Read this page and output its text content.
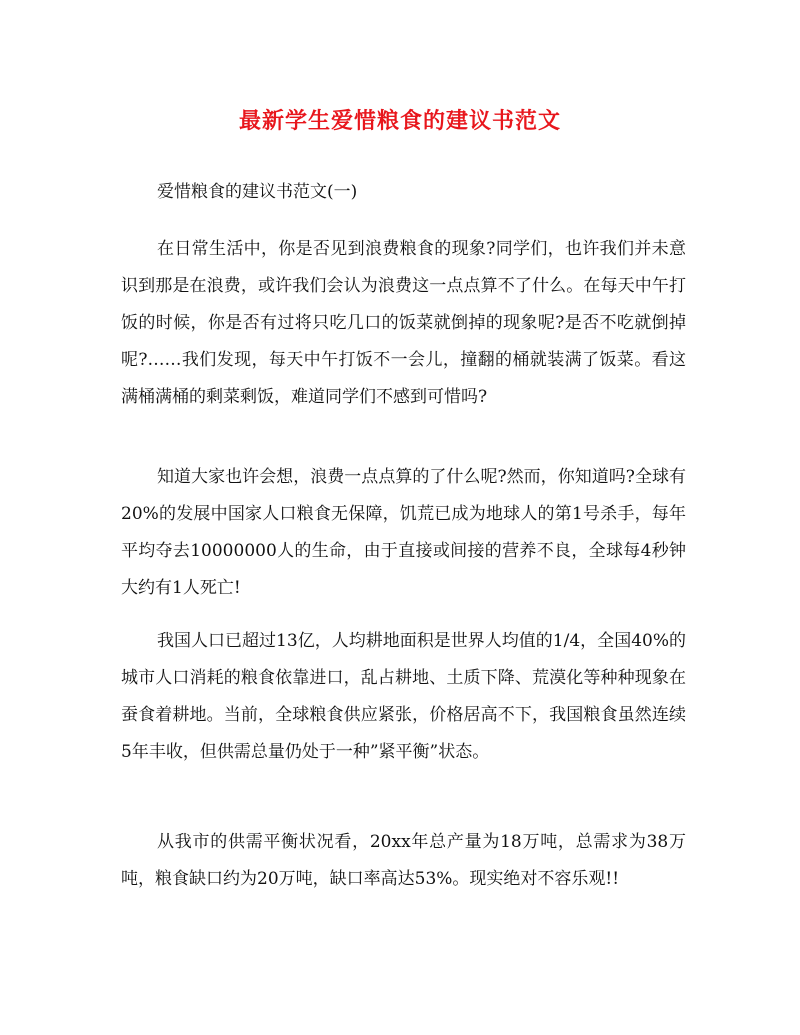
最新学生爱惜粮食的建议书范文

爱惜粮食的建议书范文(一)

在日常生活中，你是否见到浪费粮食的现象?同学们，也许我们并未意识到那是在浪费，或许我们会认为浪费这一点点算不了什么。在每天中午打饭的时候，你是否有过将只吃几口的饭菜就倒掉的现象呢?是否不吃就倒掉呢?……我们发现，每天中午打饭不一会儿，撞翻的桶就装满了饭菜。看这满桶满桶的剩菜剩饭，难道同学们不感到可惜吗?

知道大家也许会想，浪费一点点算的了什么呢?然而，你知道吗?全球有20%的发展中国家人口粮食无保障，饥荒已成为地球人的第1号杀手，每年平均夺去10000000人的生命，由于直接或间接的营养不良，全球每4秒钟大约有1人死亡!

我国人口已超过13亿，人均耕地面积是世界人均值的1/4，全国40%的城市人口消耗的粮食依靠进口，乱占耕地、土质下降、荒漠化等种种现象在蚕食着耕地。当前，全球粮食供应紧张，价格居高不下，我国粮食虽然连续5年丰收，但供需总量仍处于一种”紧平衡”状态。

从我市的供需平衡状况看，20xx年总产量为18万吨，总需求为38万吨，粮食缺口约为20万吨，缺口率高达53%。现实绝对不容乐观!!
